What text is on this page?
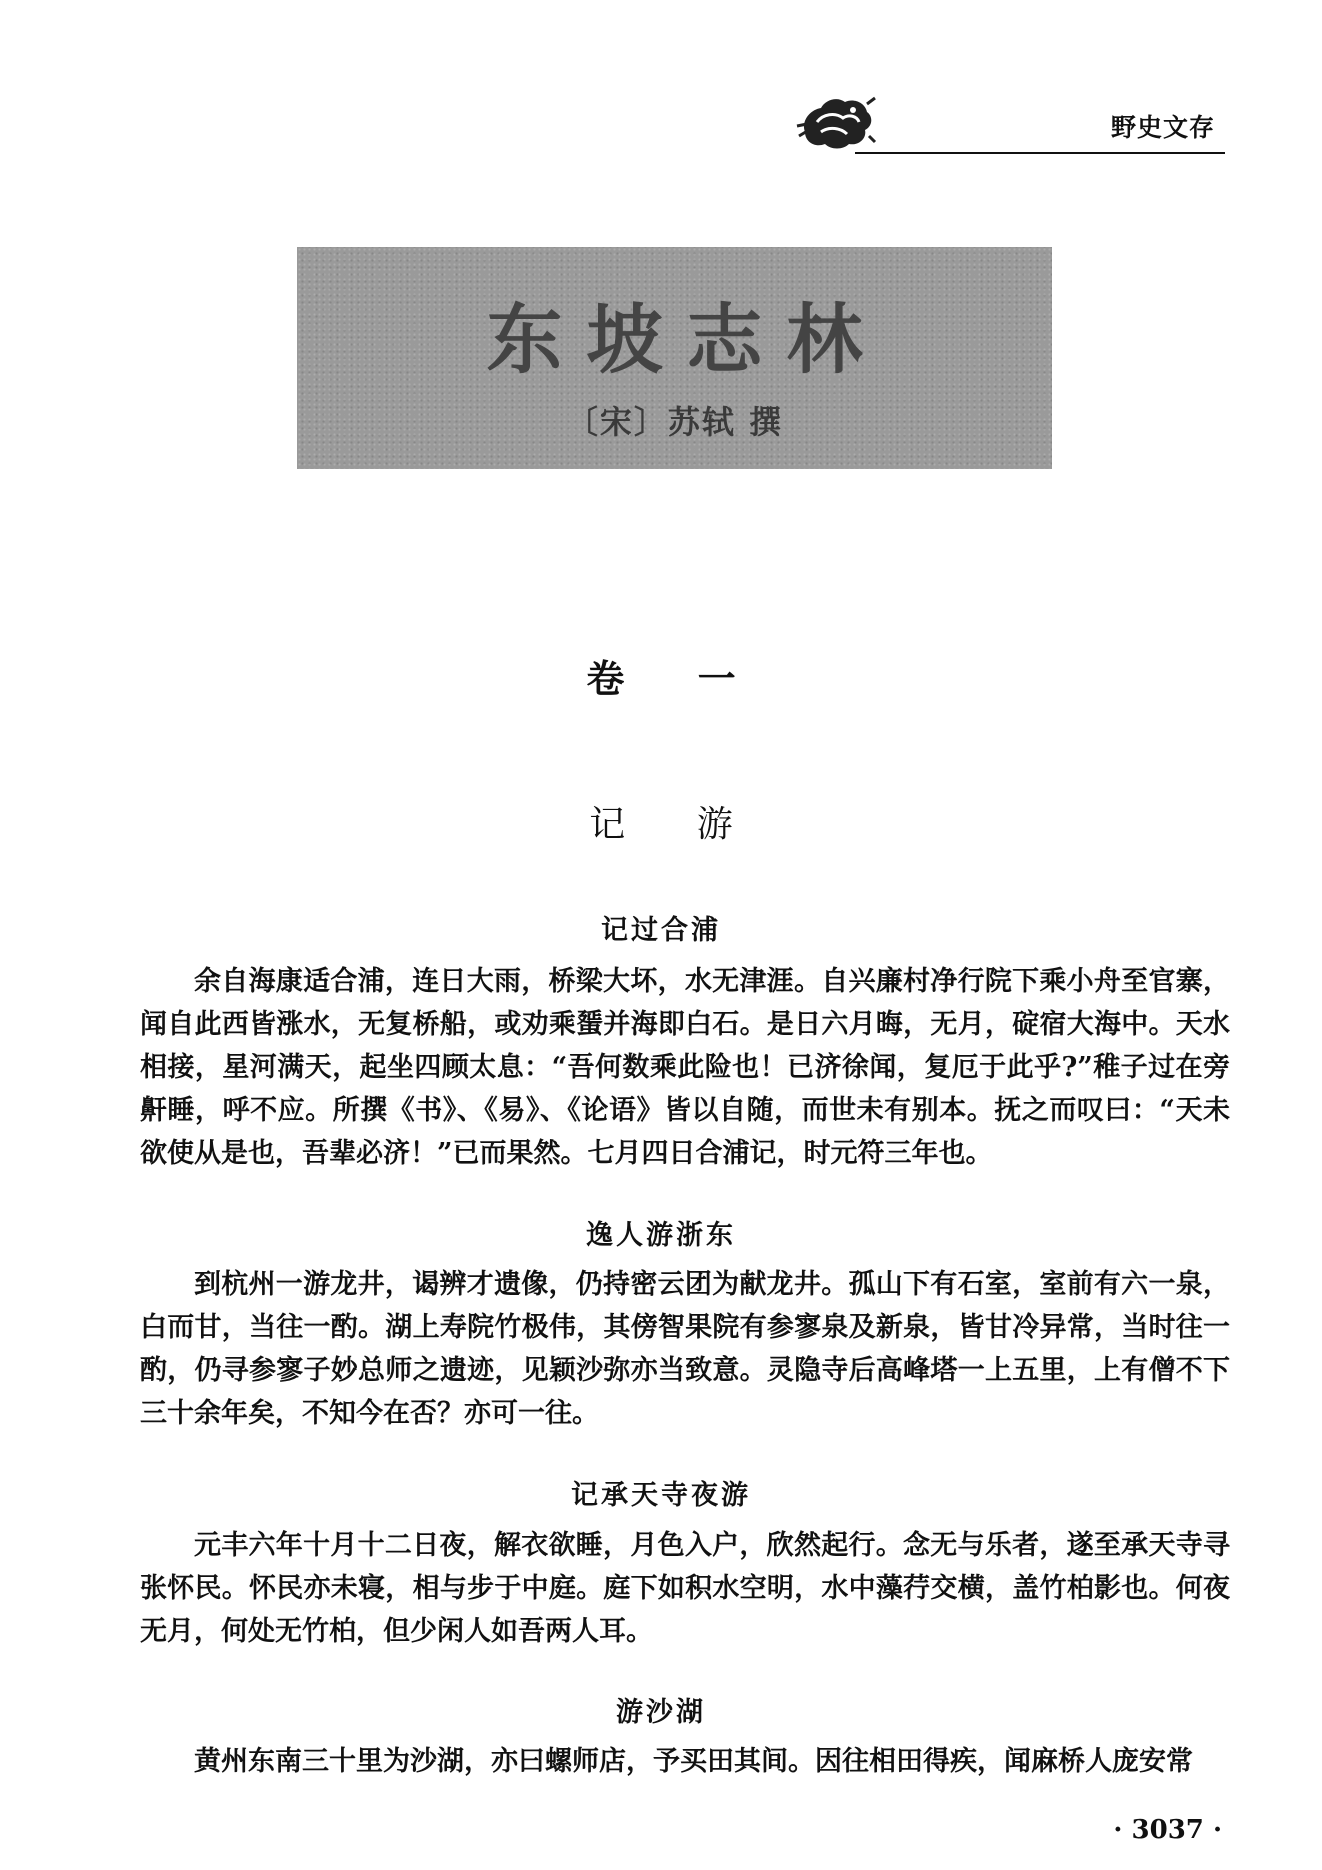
野史文存
东坡志林
〔宋〕苏轼 撰
卷 一
记 游
记过合浦

余自海康适合浦，连日大雨，桥梁大坏，水无津涯。自兴廉村净行院下乘小舟至官寨，闻自此西皆涨水，无复桥船，或劝乘蜑并海即白石。是日六月晦，无月，碇宿大海中。天水相接，星河满天，起坐四顾太息：“吾何数乘此险也！已济徐闻，复厄于此乎?”稚子过在旁鼾睡，呼不应。所撰《书》、《易》、《论语》皆以自随，而世未有别本。抚之而叹曰：“天未欲使从是也，吾辈必济！”已而果然。七月四日合浦记，时元符三年也。

逸人游浙东

到杭州一游龙井，谒辨才遗像，仍持密云团为献龙井。孤山下有石室，室前有六一泉，白而甘，当往一酌。湖上寿院竹极伟，其傍智果院有参寥泉及新泉，皆甘冷异常，当时往一酌，仍寻参寥子妙总师之遗迹，见颖沙弥亦当致意。灵隐寺后高峰塔一上五里，上有僧不下三十余年矣，不知今在否？亦可一往。

记承天寺夜游

元丰六年十月十二日夜，解衣欲睡，月色入户，欣然起行。念无与乐者，遂至承天寺寻张怀民。怀民亦未寝，相与步于中庭。庭下如积水空明，水中藻荇交横，盖竹柏影也。何夜无月，何处无竹柏，但少闲人如吾两人耳。

游沙湖

黄州东南三十里为沙湖，亦曰螺师店，予买田其间。因往相田得疾，闻麻桥人庞安常

· 3037 ·
